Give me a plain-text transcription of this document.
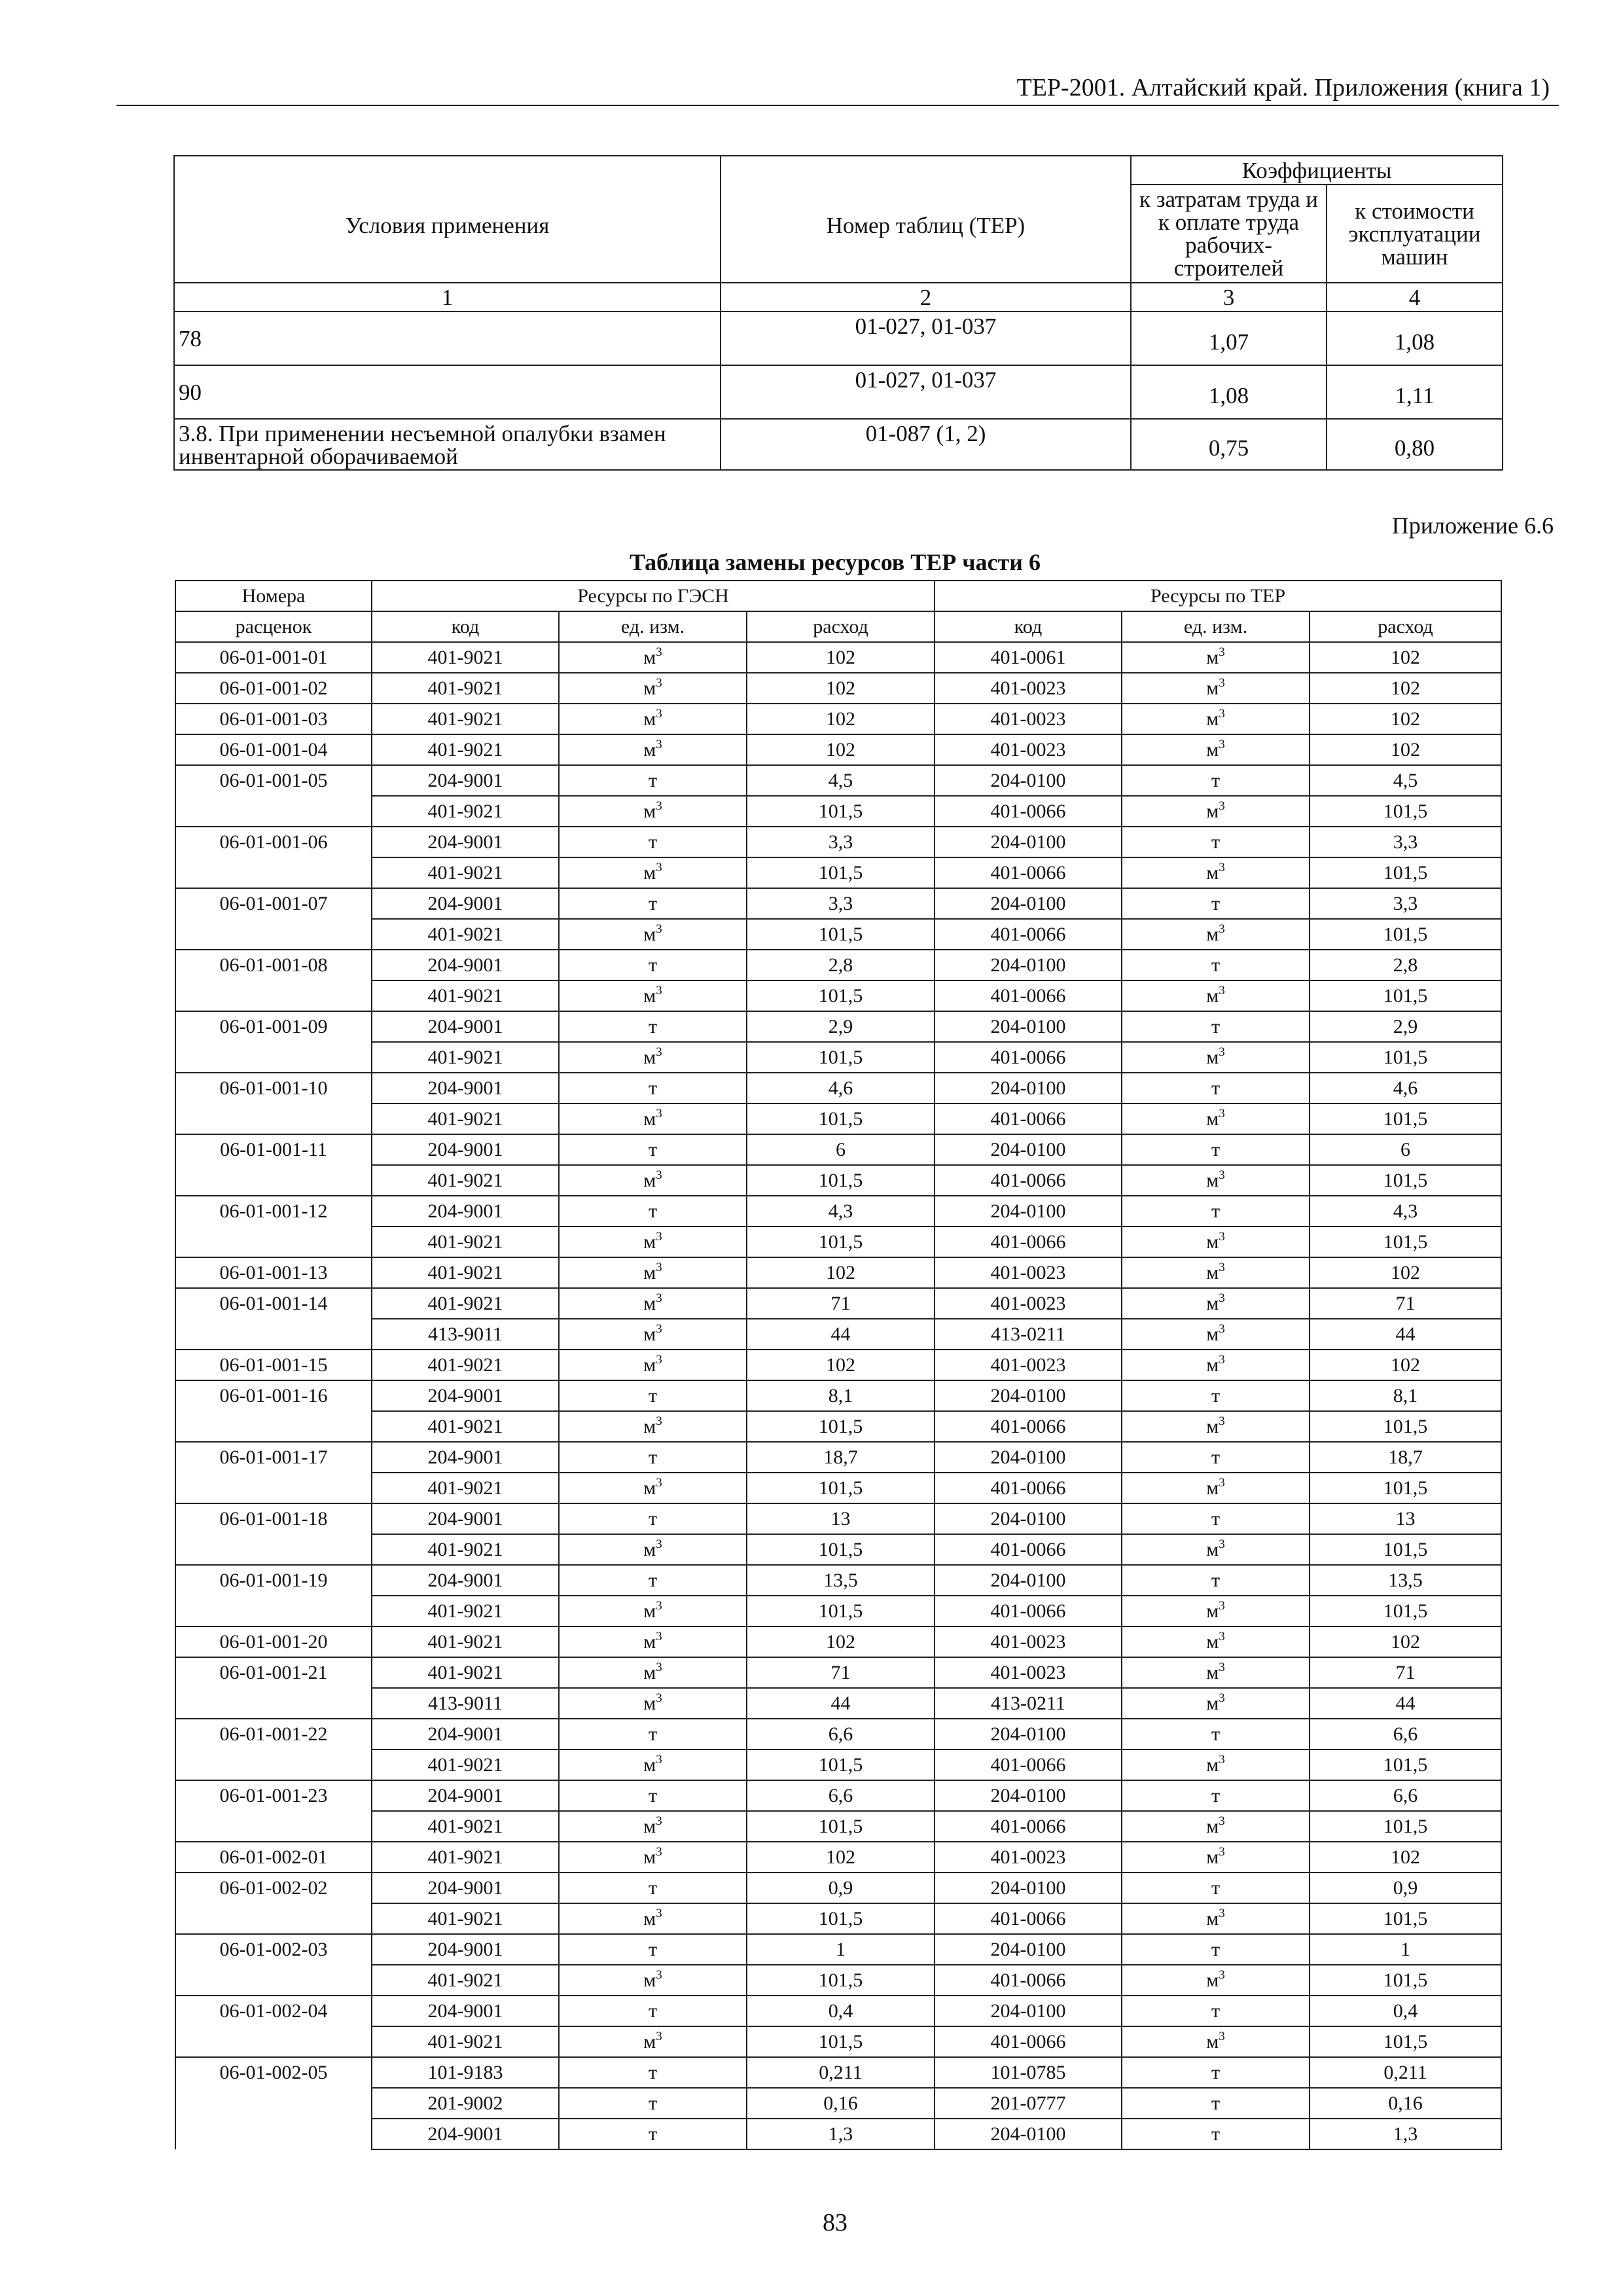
ТЕР-2001. Алтайский край. Приложения (книга 1)
Условия применения	Номер таблиц (ТЕР)	Коэффициенты	
		к затратам труда и к оплате труда рабочих-строителей	к стоимости эксплуатации машин
1	2	3	4
78	01-027, 01-037	1,07	1,08
90	01-027, 01-037	1,08	1,11
3.8. При применении несъемной опалубки взамен инвентарной оборачиваемой	01-087 (1, 2)	0,75	0,80
Приложение 6.6
Таблица замены ресурсов ТЕР части 6
Номера	Ресурсы по ГЭСН			Ресурсы по ТЕР		
расценок	код	ед. изм.	расход	код	ед. изм.	расход
06-01-001-01	401-9021	$м^3$	102	401-0061	$м^3$	102
06-01-001-02	401-9021	$м^3$	102	401-0023	$м^3$	102
06-01-001-03	401-9021	$м^3$	102	401-0023	$м^3$	102
06-01-001-04	401-9021	$м^3$	102	401-0023	$м^3$	102
06-01-001-05	204-9001	т	4,5	204-0100	т	4,5
	401-9021	$м^3$	101,5	401-0066	$м^3$	101,5
06-01-001-06	204-9001	т	3,3	204-0100	т	3,3
	401-9021	$м^3$	101,5	401-0066	$м^3$	101,5
06-01-001-07	204-9001	т	3,3	204-0100	т	3,3
	401-9021	$м^3$	101,5	401-0066	$м^3$	101,5
06-01-001-08	204-9001	т	2,8	204-0100	т	2,8
	401-9021	$м^3$	101,5	401-0066	$м^3$	101,5
06-01-001-09	204-9001	т	2,9	204-0100	т	2,9
	401-9021	$м^3$	101,5	401-0066	$м^3$	101,5
06-01-001-10	204-9001	т	4,6	204-0100	т	4,6
	401-9021	$м^3$	101,5	401-0066	$м^3$	101,5
06-01-001-11	204-9001	т	6	204-0100	т	6
	401-9021	$м^3$	101,5	401-0066	$м^3$	101,5
06-01-001-12	204-9001	т	4,3	204-0100	т	4,3
	401-9021	$м^3$	101,5	401-0066	$м^3$	101,5
06-01-001-13	401-9021	$м^3$	102	401-0023	$м^3$	102
06-01-001-14	401-9021	$м^3$	71	401-0023	$м^3$	71
	413-9011	$м^3$	44	413-0211	$м^3$	44
06-01-001-15	401-9021	$м^3$	102	401-0023	$м^3$	102
06-01-001-16	204-9001	т	8,1	204-0100	т	8,1
	401-9021	$м^3$	101,5	401-0066	$м^3$	101,5
06-01-001-17	204-9001	т	18,7	204-0100	т	18,7
	401-9021	$м^3$	101,5	401-0066	$м^3$	101,5
06-01-001-18	204-9001	т	13	204-0100	т	13
	401-9021	$м^3$	101,5	401-0066	$м^3$	101,5
06-01-001-19	204-9001	т	13,5	204-0100	т	13,5
	401-9021	$м^3$	101,5	401-0066	$м^3$	101,5
06-01-001-20	401-9021	$м^3$	102	401-0023	$м^3$	102
06-01-001-21	401-9021	$м^3$	71	401-0023	$м^3$	71
	413-9011	$м^3$	44	413-0211	$м^3$	44
06-01-001-22	204-9001	т	6,6	204-0100	т	6,6
	401-9021	$м^3$	101,5	401-0066	$м^3$	101,5
06-01-001-23	204-9001	т	6,6	204-0100	т	6,6
	401-9021	$м^3$	101,5	401-0066	$м^3$	101,5
06-01-002-01	401-9021	$м^3$	102	401-0023	$м^3$	102
06-01-002-02	204-9001	т	0,9	204-0100	т	0,9
	401-9021	$м^3$	101,5	401-0066	$м^3$	101,5
06-01-002-03	204-9001	т	1	204-0100	т	1
	401-9021	$м^3$	101,5	401-0066	$м^3$	101,5
06-01-002-04	204-9001	т	0,4	204-0100	т	0,4
	401-9021	$м^3$	101,5	401-0066	$м^3$	101,5
06-01-002-05	101-9183	т	0,211	101-0785	т	0,211
	201-9002	т	0,16	201-0777	т	0,16
	204-9001	т	1,3	204-0100	т	1,3
83
